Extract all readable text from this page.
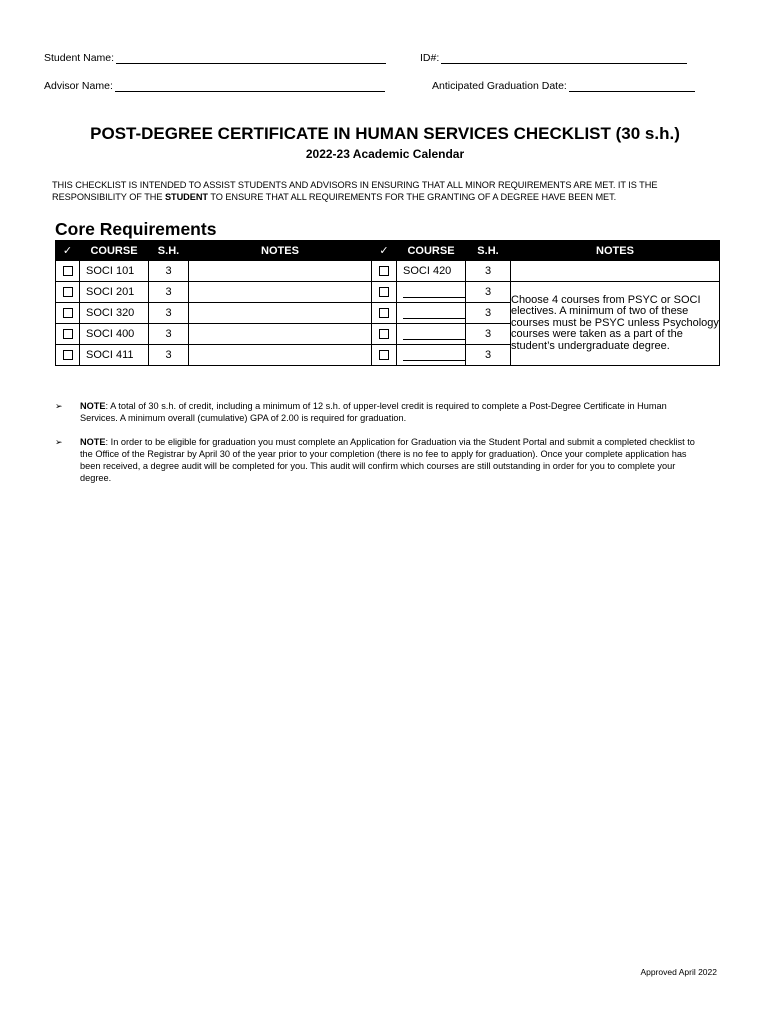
Student Name:	ID#:
Advisor Name:	Anticipated Graduation Date:
POST-DEGREE CERTIFICATE IN HUMAN SERVICES CHECKLIST (30 s.h.)
2022-23 Academic Calendar
THIS CHECKLIST IS INTENDED TO ASSIST STUDENTS AND ADVISORS IN ENSURING THAT ALL MINOR REQUIREMENTS ARE MET. IT IS THE RESPONSIBILITY OF THE STUDENT TO ENSURE THAT ALL REQUIREMENTS FOR THE GRANTING OF A DEGREE HAVE BEEN MET.
Core Requirements
✓	COURSE	S.H.	NOTES	✓	COURSE	S.H.	NOTES
	SOCI 101	3			SOCI 420	3	
	SOCI 201	3				3	Choose 4 courses from PSYC or SOCI electives. A minimum of two of these courses must be PSYC unless Psychology courses were taken as a part of the student’s undergraduate degree.
	SOCI 320	3				3	
	SOCI 400	3				3	
	SOCI 411	3				3	
➢	NOTE: A total of 30 s.h. of credit, including a minimum of 12 s.h. of upper-level credit is required to complete a Post-Degree Certificate in Human Services. A minimum overall (cumulative) GPA of 2.00 is required for graduation.
➢	NOTE: In order to be eligible for graduation you must complete an Application for Graduation via the Student Portal and submit a completed checklist to the Office of the Registrar by April 30 of the year prior to your completion (there is no fee to apply for graduation). Once your complete application has been received, a degree audit will be completed for you. This audit will confirm which courses are still outstanding in order for you to complete your degree.
Approved April 2022
